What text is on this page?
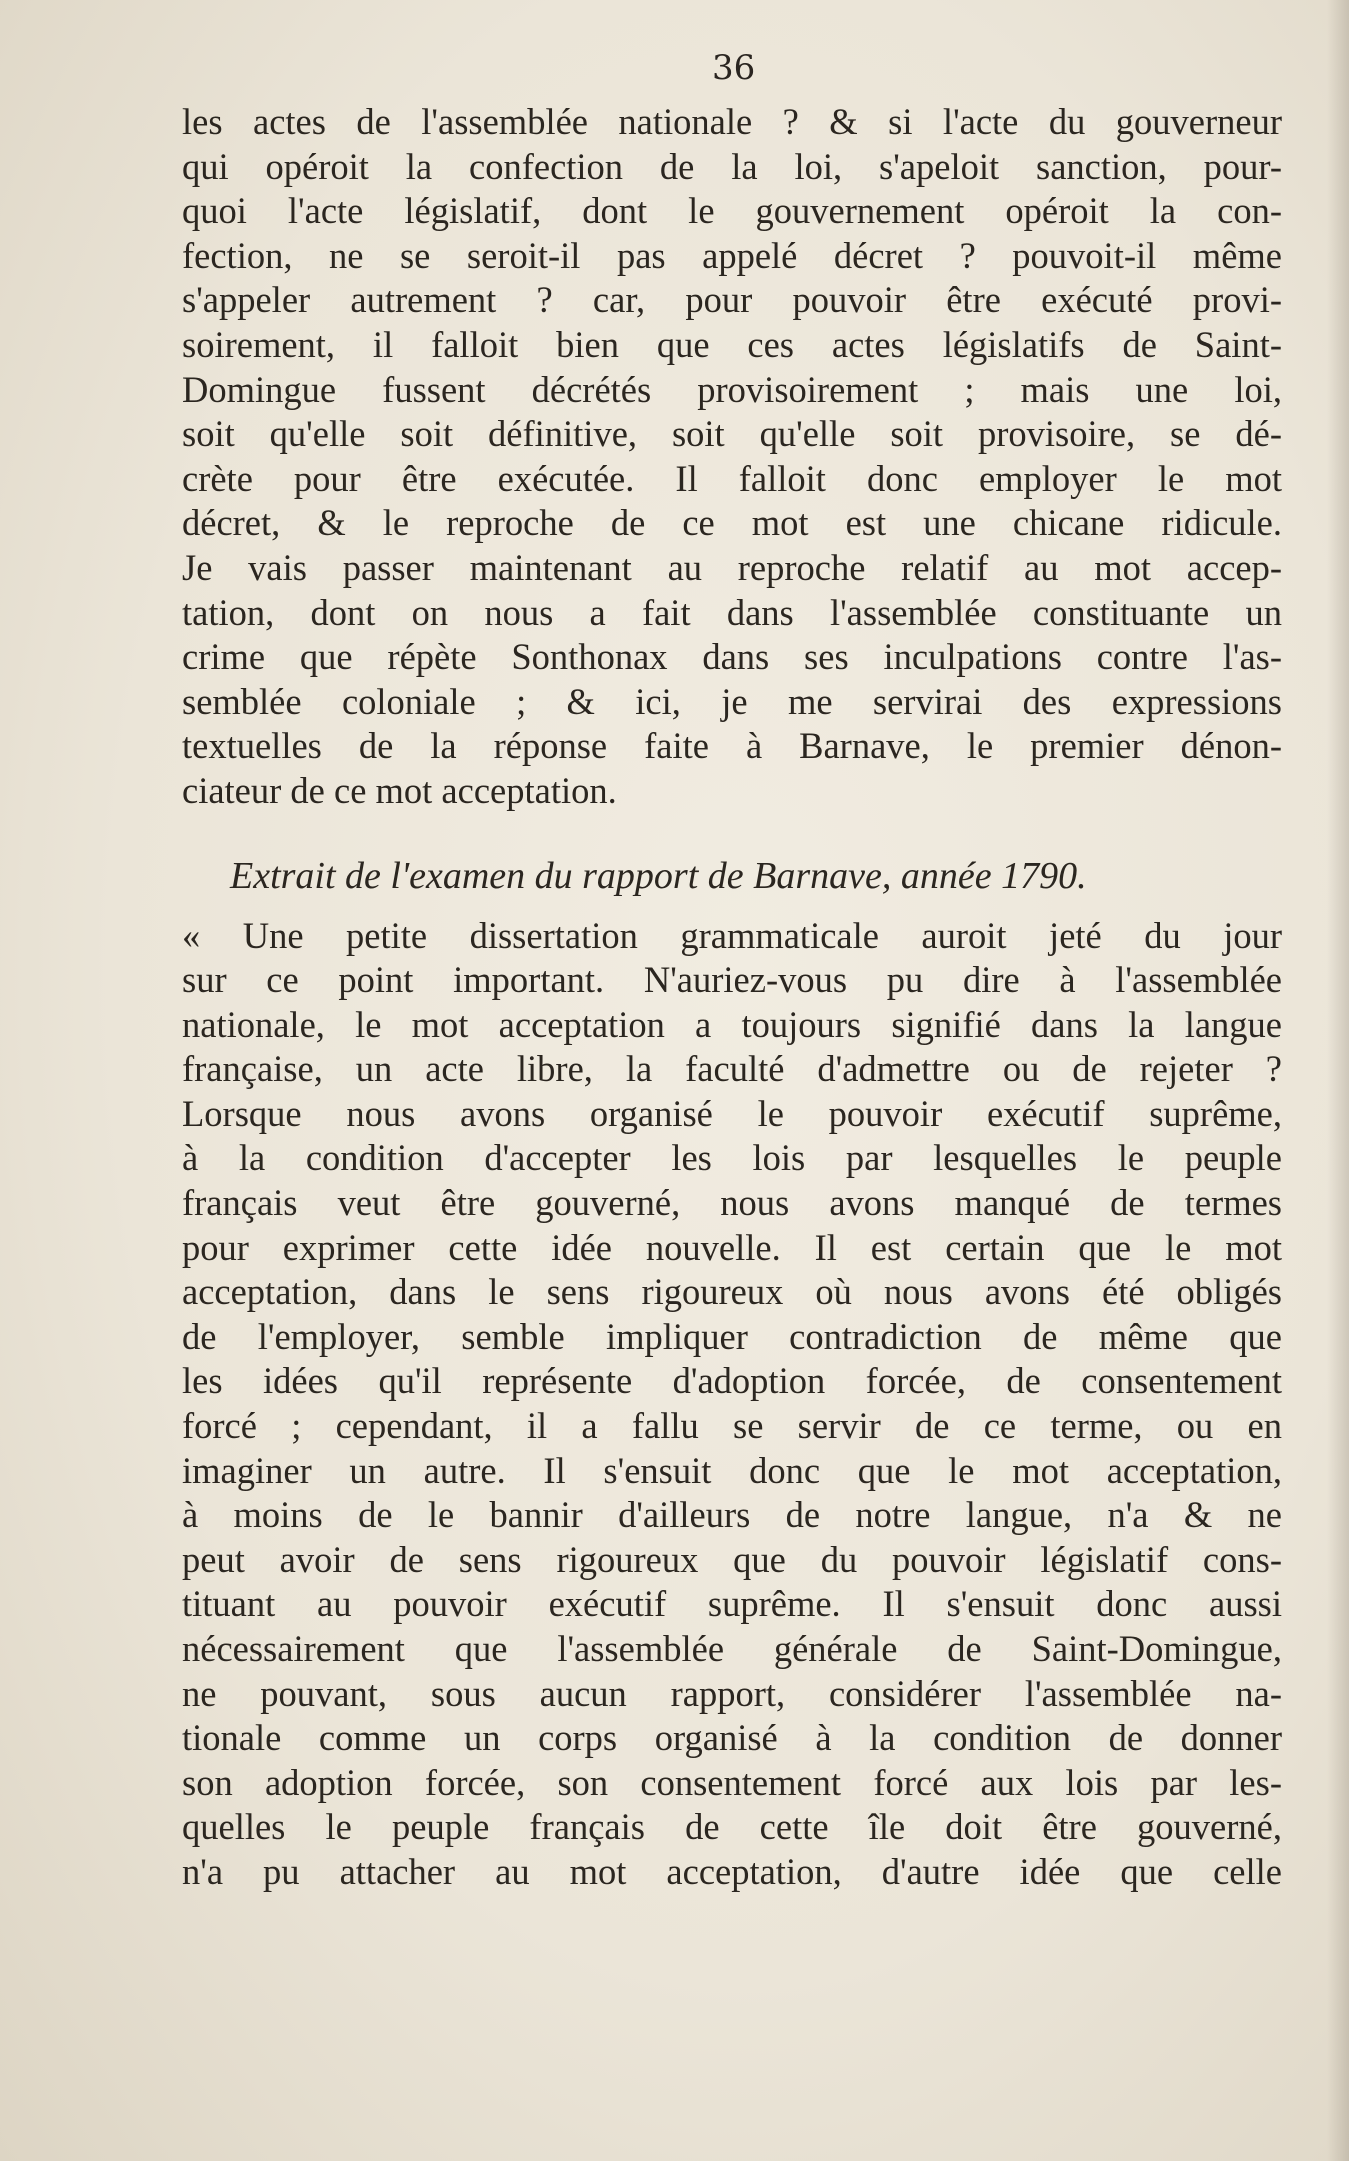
36
les actes de l'assemblée nationale ? & si l'acte du gouverneur
qui opéroit la confection de la loi, s'apeloit sanction, pour-
quoi l'acte législatif, dont le gouvernement opéroit la con-
fection, ne se seroit-il pas appelé décret ? pouvoit-il même
s'appeler autrement ? car, pour pouvoir être exécuté provi-
soirement, il falloit bien que ces actes législatifs de Saint-
Domingue fussent décrétés provisoirement ; mais une loi,
soit qu'elle soit définitive, soit qu'elle soit provisoire, se dé-
crète pour être exécutée. Il falloit donc employer le mot
décret, & le reproche de ce mot est une chicane ridicule.
Je vais passer maintenant au reproche relatif au mot accep-
tation, dont on nous a fait dans l'assemblée constituante un
crime que répète Sonthonax dans ses inculpations contre l'as-
semblée coloniale ; & ici, je me servirai des expressions
textuelles de la réponse faite à Barnave, le premier dénon-
ciateur de ce mot acceptation.
Extrait de l'examen du rapport de Barnave, année 1790.
« Une petite dissertation grammaticale auroit jeté du jour
sur ce point important. N'auriez-vous pu dire à l'assemblée
nationale, le mot acceptation a toujours signifié dans la langue
française, un acte libre, la faculté d'admettre ou de rejeter ?
Lorsque nous avons organisé le pouvoir exécutif suprême,
à la condition d'accepter les lois par lesquelles le peuple
français veut être gouverné, nous avons manqué de termes
pour exprimer cette idée nouvelle. Il est certain que le mot
acceptation, dans le sens rigoureux où nous avons été obligés
de l'employer, semble impliquer contradiction de même que
les idées qu'il représente d'adoption forcée, de consentement
forcé ; cependant, il a fallu se servir de ce terme, ou en
imaginer un autre. Il s'ensuit donc que le mot acceptation,
à moins de le bannir d'ailleurs de notre langue, n'a & ne
peut avoir de sens rigoureux que du pouvoir législatif cons-
tituant au pouvoir exécutif suprême. Il s'ensuit donc aussi
nécessairement que l'assemblée générale de Saint-Domingue,
ne pouvant, sous aucun rapport, considérer l'assemblée na-
tionale comme un corps organisé à la condition de donner
son adoption forcée, son consentement forcé aux lois par les-
quelles le peuple français de cette île doit être gouverné,
n'a pu attacher au mot acceptation, d'autre idée que celle
